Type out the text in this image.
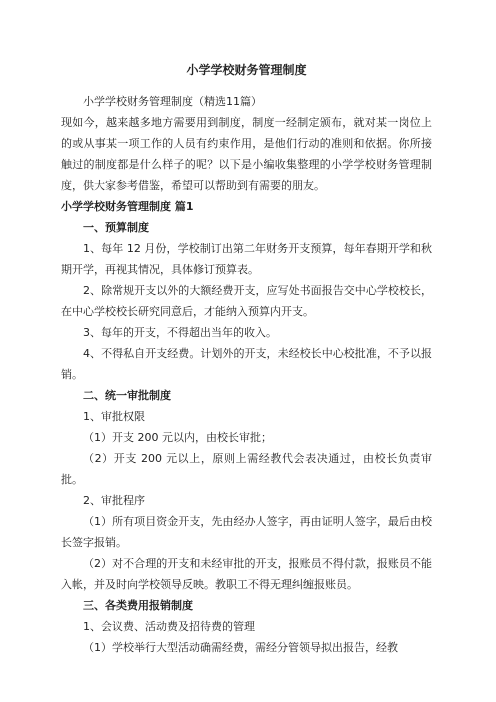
小学学校财务管理制度

小学学校财务管理制度（精选11篇）

现如今，越来越多地方需要用到制度，制度一经制定颁布，就对某一岗位上的或从事某一项工作的人员有约束作用，是他们行动的准则和依据。你所接触过的制度都是什么样子的呢？以下是小编收集整理的小学学校财务管理制度，供大家参考借鉴，希望可以帮助到有需要的朋友。

小学学校财务管理制度 篇1

一、预算制度

1、每年 12 月份，学校制订出第二年财务开支预算，每年春期开学和秋期开学，再视其情况，具体修订预算表。

2、除常规开支以外的大额经费开支，应写处书面报告交中心学校校长，在中心学校校长研究同意后，才能纳入预算内开支。

3、每年的开支，不得超出当年的收入。

4、不得私自开支经费。计划外的开支，未经校长中心校批准，不予以报销。

二、统一审批制度

1、审批权限

（1）开支 200 元以内，由校长审批；

（2）开支 200 元以上，原则上需经教代会表决通过，由校长负责审批。

2、审批程序

（1）所有项目资金开支，先由经办人签字，再由证明人签字，最后由校长签字报销。

（2）对不合理的开支和未经审批的开支，报账员不得付款，报账员不能入帐，并及时向学校领导反映。教职工不得无理纠缠报账员。

三、各类费用报销制度

1、会议费、活动费及招待费的管理

（1）学校举行大型活动确需经费，需经分管领导拟出报告，经教
